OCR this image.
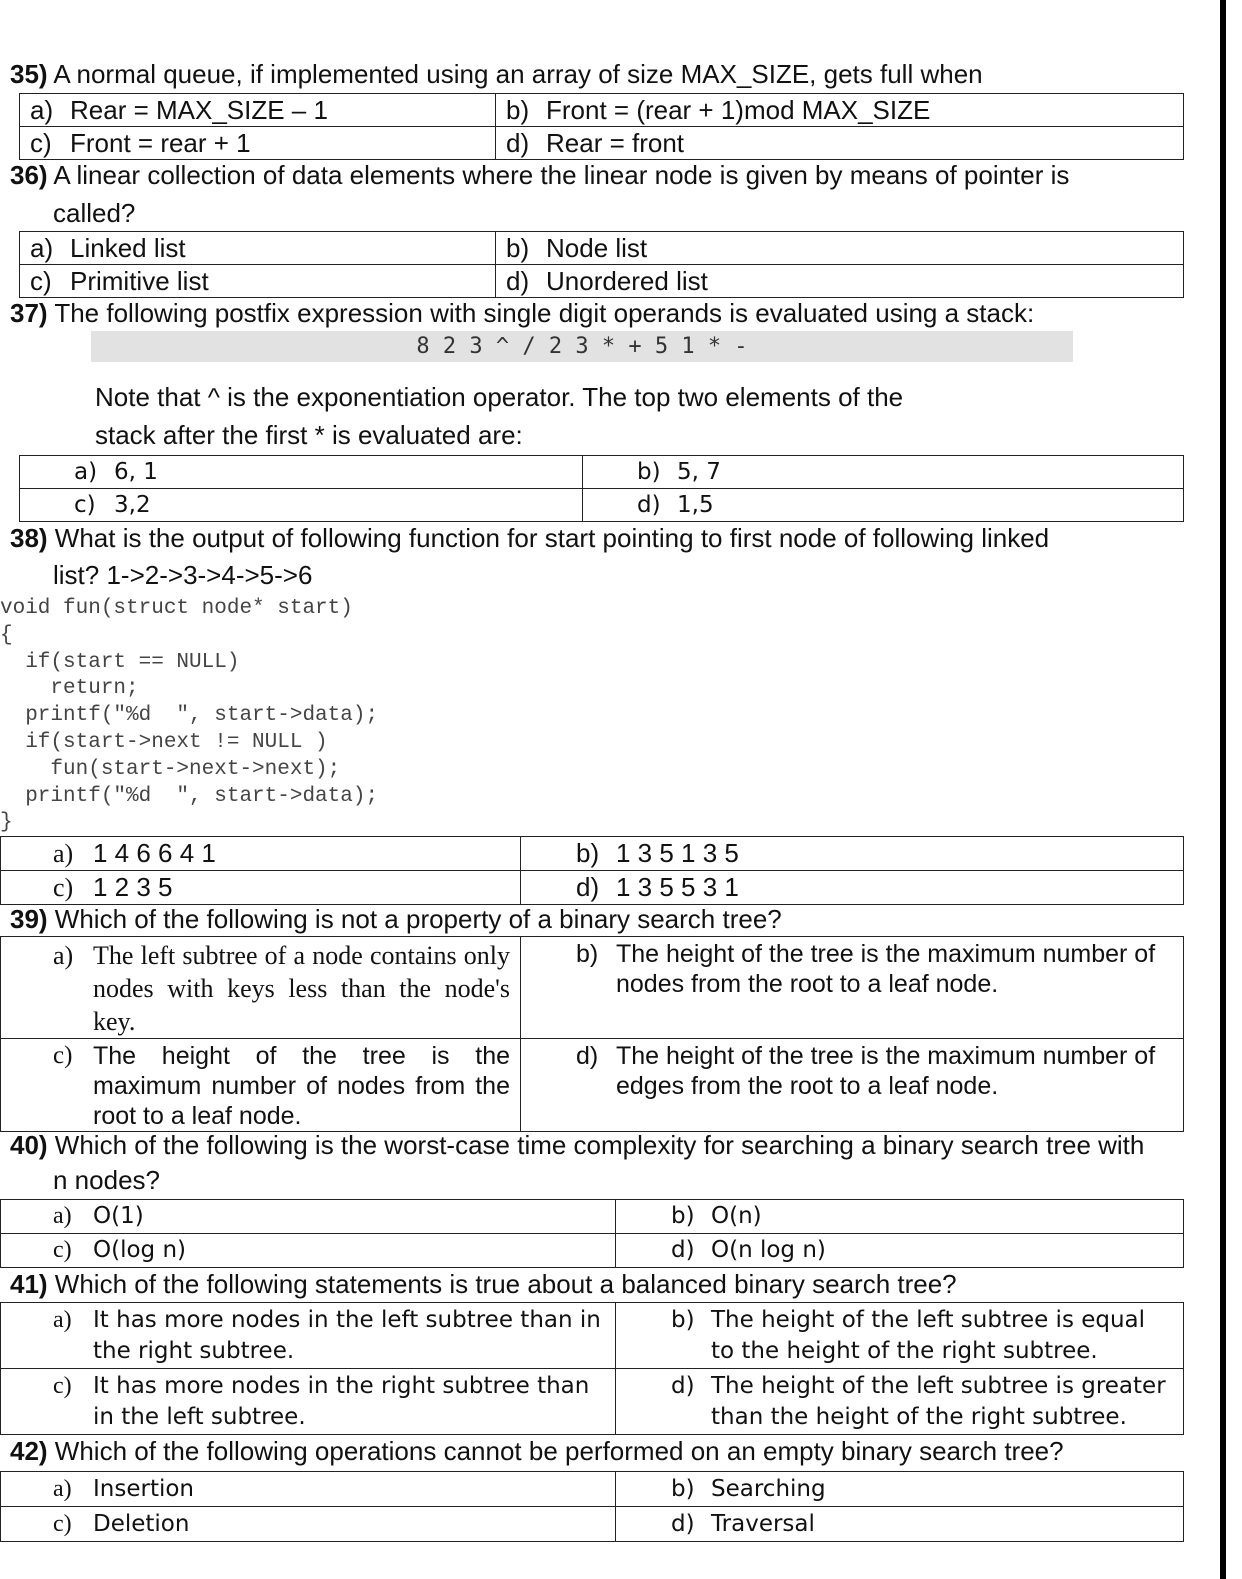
35) A normal queue, if implemented using an array of size MAX_SIZE, gets full when
a) Rear = MAX_SIZE – 1	b) Front = (rear + 1)mod MAX_SIZE
c) Front = rear + 1	d) Rear = front
36) A linear collection of data elements where the linear node is given by means of pointer is
called?
a) Linked list	b) Node list
c) Primitive list	d) Unordered list
37) The following postfix expression with single digit operands is evaluated using a stack:
8 2 3 ^ / 2 3 * + 5 1 * -
Note that ^ is the exponentiation operator. The top two elements of the
stack after the first * is evaluated are:
a) 6, 1	b) 5, 7
c) 3,2	d) 1,5
38) What is the output of following function for start pointing to first node of following linked
list? 1->2->3->4->5->6
void fun(struct node* start)
{
if(start == NULL)
return;
printf("%d  ", start->data);
if(start->next != NULL )
fun(start->next->next);
printf("%d  ", start->data);
}
a) 1 4 6 6 4 1	b) 1 3 5 1 3 5
c) 1 2 3 5	d) 1 3 5 5 3 1
39) Which of the following is not a property of a binary search tree?
a) The left subtree of a node contains only nodes with keys less than the node's key.	b) The height of the tree is the maximum number of nodes from the root to a leaf node.

c) The height of the tree is the maximum number of nodes from the root to a leaf node.	d) The height of the tree is the maximum number of edges from the root to a leaf node.
40) Which of the following is the worst-case time complexity for searching a binary search tree with
n nodes?
a) O(1)	b) O(n)
c) O(log n)	d) O(n log n)
41) Which of the following statements is true about a balanced binary search tree?
a) It has more nodes in the left subtree than in the right subtree.	b) The height of the left subtree is equal to the height of the right subtree.

c) It has more nodes in the right subtree than in the left subtree.	d) The height of the left subtree is greater than the height of the right subtree.
42) Which of the following operations cannot be performed on an empty binary search tree?
a) Insertion	b) Searching
c) Deletion	d) Traversal
